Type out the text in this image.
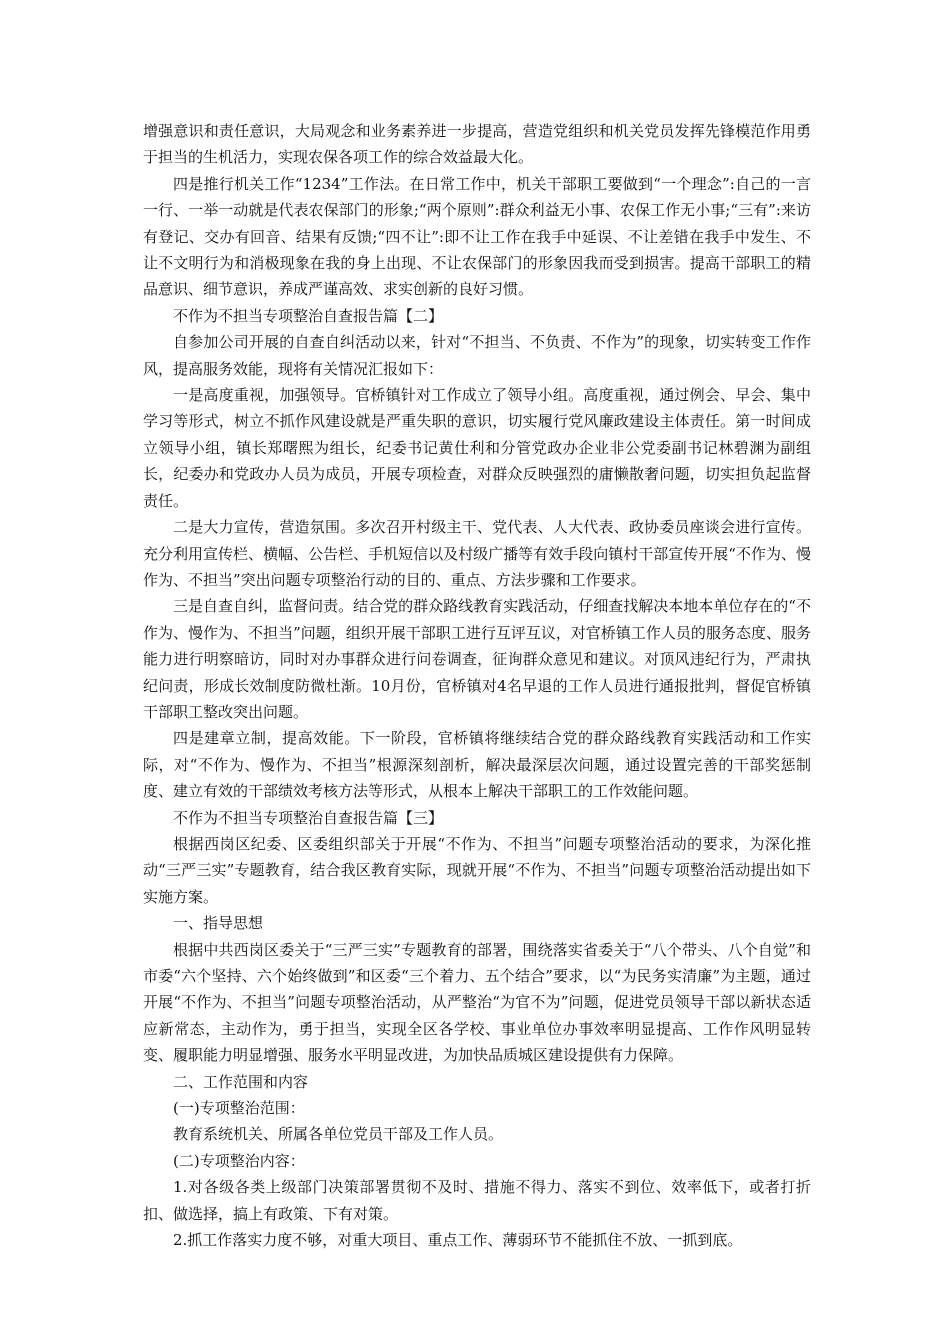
增强意识和责任意识，大局观念和业务素养进一步提高，营造党组织和机关党员发挥先锋模范作用勇于担当的生机活力，实现农保各项工作的综合效益最大化。

四是推行机关工作“1234”工作法。在日常工作中，机关干部职工要做到“一个理念”:自己的一言一行、一举一动就是代表农保部门的形象;“两个原则”:群众利益无小事、农保工作无小事;“三有”:来访有登记、交办有回音、结果有反馈;“四不让”:即不让工作在我手中延误、不让差错在我手中发生、不让不文明行为和消极现象在我的身上出现、不让农保部门的形象因我而受到损害。提高干部职工的精品意识、细节意识，养成严谨高效、求实创新的良好习惯。

不作为不担当专项整治自查报告篇【二】

自参加公司开展的自查自纠活动以来，针对“不担当、不负责、不作为”的现象，切实转变工作作风，提高服务效能，现将有关情况汇报如下：

一是高度重视，加强领导。官桥镇针对工作成立了领导小组。高度重视，通过例会、早会、集中学习等形式，树立不抓作风建设就是严重失职的意识，切实履行党风廉政建设主体责任。第一时间成立领导小组，镇长郑曙熙为组长，纪委书记黄仕利和分管党政办企业非公党委副书记林碧渊为副组长，纪委办和党政办人员为成员，开展专项检查，对群众反映强烈的庸懒散奢问题，切实担负起监督责任。

二是大力宣传，营造氛围。多次召开村级主干、党代表、人大代表、政协委员座谈会进行宣传。充分利用宣传栏、横幅、公告栏、手机短信以及村级广播等有效手段向镇村干部宣传开展“不作为、慢作为、不担当”突出问题专项整治行动的目的、重点、方法步骤和工作要求。

三是自查自纠，监督问责。结合党的群众路线教育实践活动，仔细查找解决本地本单位存在的“不作为、慢作为、不担当”问题，组织开展干部职工进行互评互议，对官桥镇工作人员的服务态度、服务能力进行明察暗访，同时对办事群众进行问卷调查，征询群众意见和建议。对顶风违纪行为，严肃执纪问责，形成长效制度防微杜渐。10月份，官桥镇对4名早退的工作人员进行通报批判，督促官桥镇干部职工整改突出问题。

四是建章立制，提高效能。下一阶段，官桥镇将继续结合党的群众路线教育实践活动和工作实际，对“不作为、慢作为、不担当”根源深刻剖析，解决最深层次问题，通过设置完善的干部奖惩制度、建立有效的干部绩效考核方法等形式，从根本上解决干部职工的工作效能问题。

不作为不担当专项整治自查报告篇【三】

根据西岗区纪委、区委组织部关于开展“不作为、不担当”问题专项整治活动的要求，为深化推动“三严三实”专题教育，结合我区教育实际，现就开展“不作为、不担当”问题专项整治活动提出如下实施方案。

一、指导思想

根据中共西岗区委关于“三严三实”专题教育的部署，围绕落实省委关于“八个带头、八个自觉”和市委“六个坚持、六个始终做到”和区委“三个着力、五个结合”要求，以“为民务实清廉”为主题，通过开展“不作为、不担当”问题专项整治活动，从严整治“为官不为”问题，促进党员领导干部以新状态适应新常态，主动作为，勇于担当，实现全区各学校、事业单位办事效率明显提高、工作作风明显转变、履职能力明显增强、服务水平明显改进，为加快品质城区建设提供有力保障。

二、工作范围和内容

(一)专项整治范围：

教育系统机关、所属各单位党员干部及工作人员。

(二)专项整治内容：

1.对各级各类上级部门决策部署贯彻不及时、措施不得力、落实不到位、效率低下，或者打折扣、做选择，搞上有政策、下有对策。

2.抓工作落实力度不够，对重大项目、重点工作、薄弱环节不能抓住不放、一抓到底。
